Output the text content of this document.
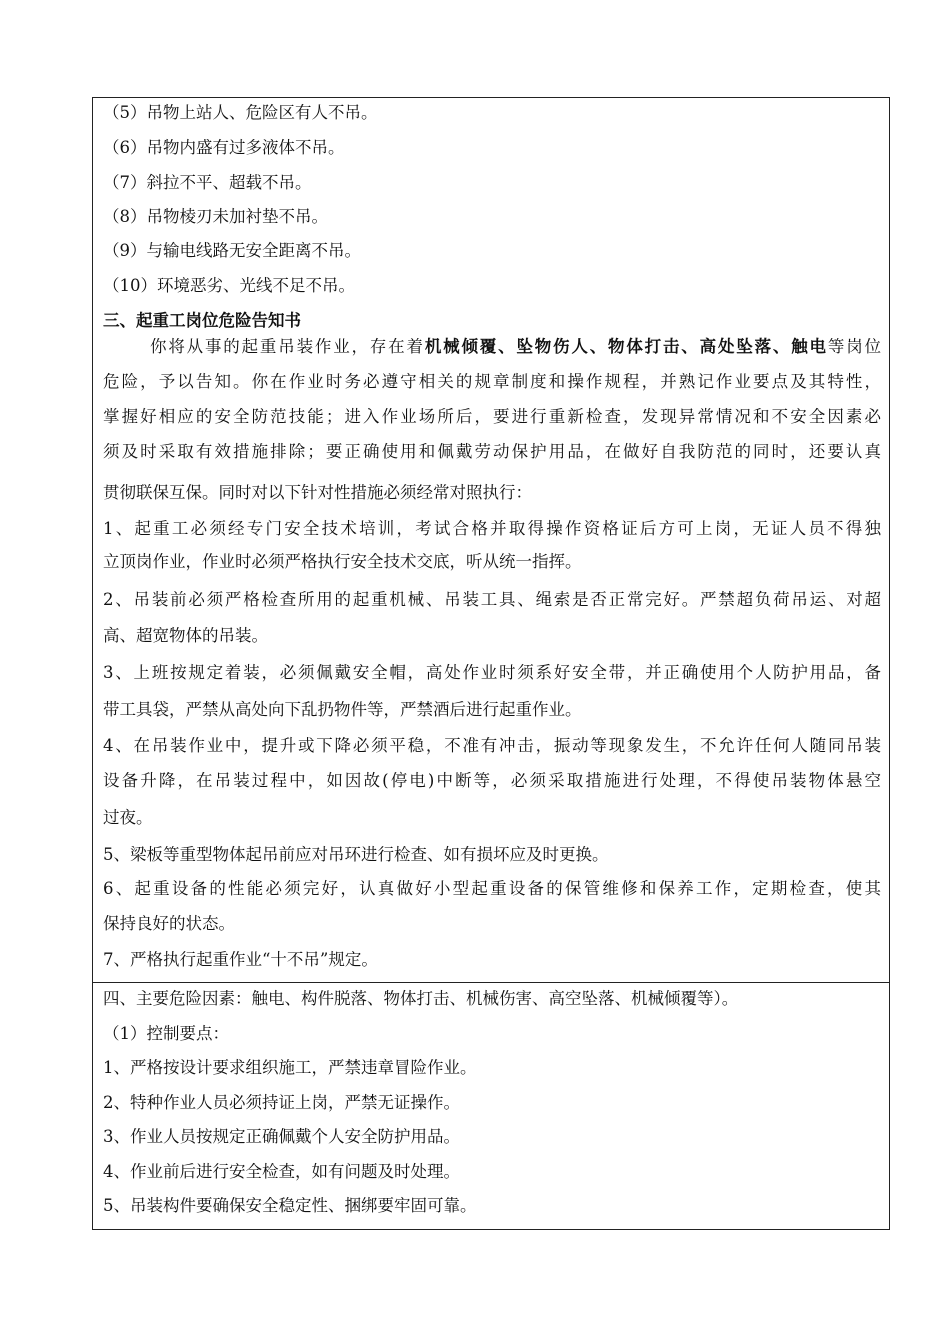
（5）吊物上站人、危险区有人不吊。
（6）吊物内盛有过多液体不吊。
（7）斜拉不平、超载不吊。
（8）吊物棱刃未加衬垫不吊。
（9）与输电线路无安全距离不吊。
（10）环境恶劣、光线不足不吊。
三、起重工岗位危险告知书
你将从事的起重吊装作业，存在着机械倾覆、坠物伤人、物体打击、高处坠落、触电等岗位
危险，予以告知。你在作业时务必遵守相关的规章制度和操作规程，并熟记作业要点及其特性，
掌握好相应的安全防范技能；进入作业场所后，要进行重新检查，发现异常情况和不安全因素必
须及时采取有效措施排除；要正确使用和佩戴劳动保护用品，在做好自我防范的同时，还要认真
贯彻联保互保。同时对以下针对性措施必须经常对照执行：
1、起重工必须经专门安全技术培训，考试合格并取得操作资格证后方可上岗，无证人员不得独
立顶岗作业，作业时必须严格执行安全技术交底，听从统一指挥。
2、吊装前必须严格检查所用的起重机械、吊装工具、绳索是否正常完好。严禁超负荷吊运、对超
高、超宽物体的吊装。
3、上班按规定着装，必须佩戴安全帽，高处作业时须系好安全带，并正确使用个人防护用品，备
带工具袋，严禁从高处向下乱扔物件等，严禁酒后进行起重作业。
4、在吊装作业中，提升或下降必须平稳，不准有冲击，振动等现象发生，不允许任何人随同吊装
设备升降，在吊装过程中，如因故(停电)中断等，必须采取措施进行处理，不得使吊装物体悬空
过夜。
5、梁板等重型物体起吊前应对吊环进行检查、如有损坏应及时更换。
6、起重设备的性能必须完好，认真做好小型起重设备的保管维修和保养工作，定期检查，使其
保持良好的状态。
7、严格执行起重作业“十不吊”规定。
四、主要危险因素：触电、构件脱落、物体打击、机械伤害、高空坠落、机械倾覆等）。
（1）控制要点：
1、严格按设计要求组织施工，严禁违章冒险作业。
2、特种作业人员必须持证上岗，严禁无证操作。
3、作业人员按规定正确佩戴个人安全防护用品。
4、作业前后进行安全检查，如有问题及时处理。
5、吊装构件要确保安全稳定性、捆绑要牢固可靠。
